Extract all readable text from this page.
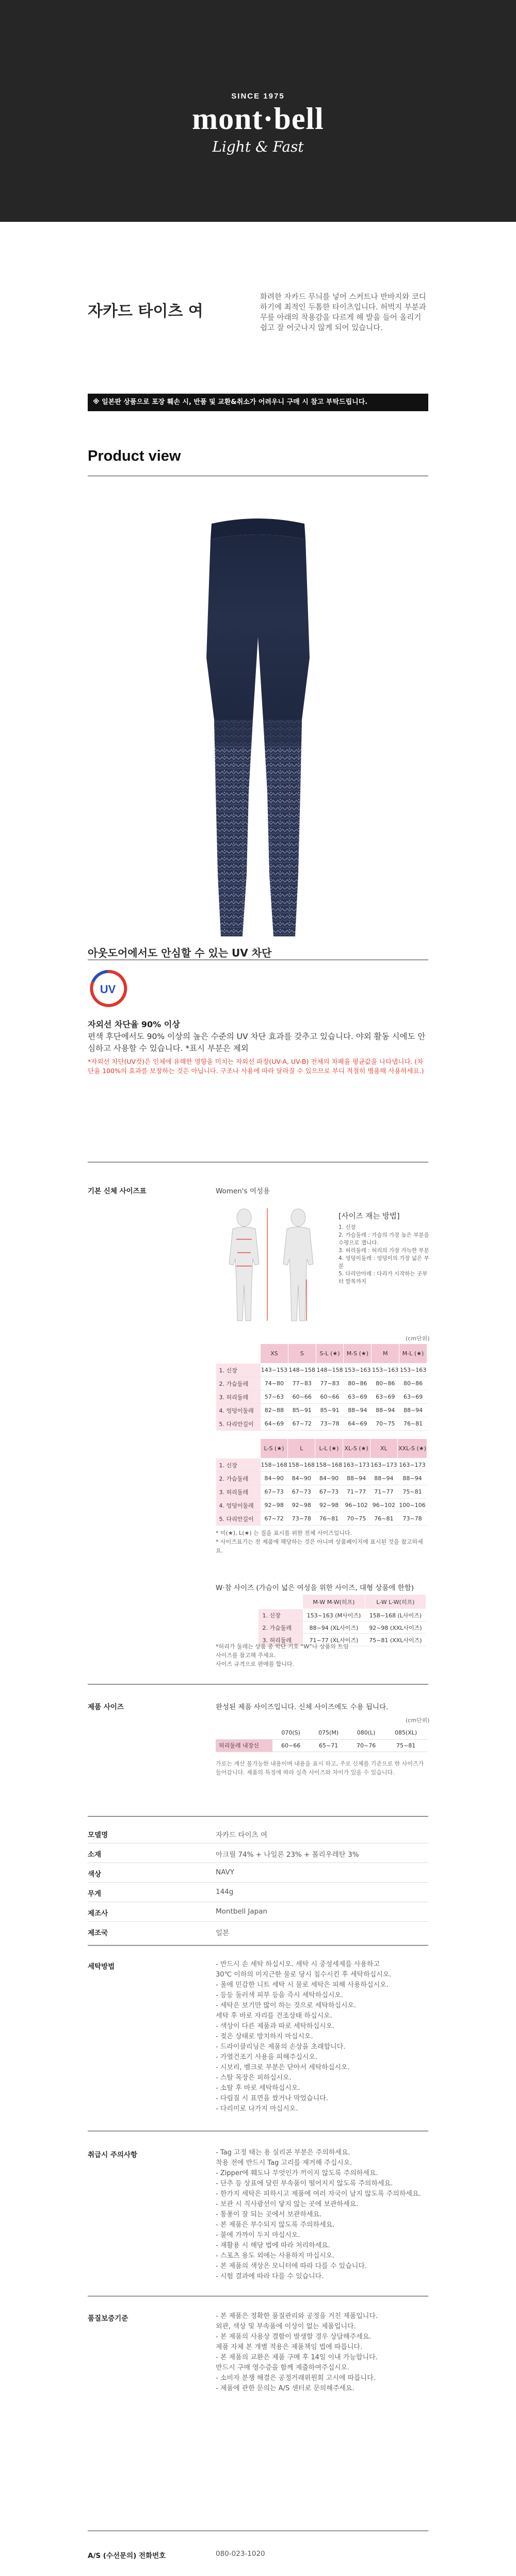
SINCE 1975
mont·bell
Light & Fast
자카드 타이츠 여

화려한 자카드 무늬를 넣어 스커트나 반바지와 코디하기에 최적인 두톰한 타이츠입니다. 허벅지 부분과 무릎 아래의 착용감을 다르게 해 발을 들어 올리기 쉽고 잘 어긋나지 않게 되어 있습니다.

※ 일본판 상품으로 포장 훼손 시, 반품 및 교환&취소가 어려우니 구매 시 참고 부탁드립니다.
Product view
아웃도어에서도 안심할 수 있는 UV 차단
UV
자외선 차단율 90% 이상
편색 후단에서도 90% 이상의 높은 수준의 UV 차단 효과를 갖추고 있습니다. 야외 활동 시에도 안심하고 사용할 수 있습니다. *표시 부분은 제외
*자외선 차단(UV컷)은 인체에 유해한 영향을 미치는 자외선 파장(UV-A, UV-B) 전체의 차폐율 평균값을 나타냅니다. (차단율 100%의 효과를 보장하는 것은 아닙니다. 구조나 사용에 따라 달라질 수 있으므로 부디 적절히 병용해 사용하세요.)
기본 신체 사이즈표	Women's 여성용
[사이즈 재는 방법]
1. 신장
2. 가슴둘레 : 가슴의 가장 높은 부분을 수평으로 잽니다.
3. 허리둘레 : 허리의 가장 가늑한 부분
4. 엉덩이둘레 : 엉덩이의 가장 넓은 부분
5. 다리안아래 : 다리가 시작하는 곳부터 발목까지
(cm단위)
	XS	S	S-L (★)	M-S (★)	M	M-L (★)
1. 신장	143~153	148~158	148~158	153~163	153~163	153~163
2. 가슴둘레	74~80	77~83	77~83	80~86	80~86	80~86
3. 허리둘레	57~63	60~66	60~66	63~69	63~69	63~69
4. 엉덩이둘레	82~88	85~91	85~91	88~94	88~94	88~94
5. 다리안길이	64~69	67~72	73~78	64~69	70~75	76~81
	L-S (★)	L	L-L (★)	XL-S (★)	XL	XXL-S (★)
1. 신장	158~168	158~168	158~168	163~173	163~173	163~173
2. 가슴둘레	84~90	84~90	84~90	88~94	88~94	88~94
3. 허리둘레	67~73	67~73	67~73	71~77	71~77	75~81
4. 엉덩이둘레	92~98	92~98	92~98	96~102	96~102	100~106
5. 다리안길이	67~72	73~78	76~81	70~75	76~81	73~78
* 미(★), L(★) 는 질을 표시를 위한 전체 사이즈입니다.
* 사이즈표기는 전 제품에 해당하는 것은 아니며 상품페이지에 표시된 것을 참고하세요.
W·참 사이즈 (가슴이 넓은 여성을 위한 사이즈, 대형 상품에 한함)
	M-W M-W(히프)	L-W L-W(히프)
1. 신장	153~163 (M사이즈)	158~168 (L사이즈)
2. 가슴둘레	88~94 (XL사이즈)	92~98 (XXL사이즈)
3. 허리둘레	71~77 (XL사이즈)	75~81 (XXL사이즈)
*허리가 둘레는 상품 중 학단 기호 “W”나 상품의 트임사이즈를 참고해 주세요.
사이즈 규격으로 판매를 합니다.
제품 사이즈	완성된 제품 사이즈입니다. 신체 사이즈에도 수용 됩니다.
(cm단위)
	070(S)	075(M)	080(L)	085(XL)
허리둘레 내장신	60~66	65~71	70~76	75~81
가로는 계산 불가능한 내용이며 내용을 표시 하고, 주로 신체를 기준으로 한 사이즈가 들어갑니다. 제품의 특징에 따라 실측 사이즈와 차이가 있을 수 있습니다.
모델명	자카드 타이츠 여
소재	아크릴 74% + 나일론 23% + 폴리우레탄 3%
색상	NAVY
무게	144g
제조사	Montbell Japan
제조국	일본
세탁방법	- 반드시 손 세탁 하십시오. 세탁 시 중성세제를 사용하고
30℃ 이하의 미지근한 물로 당시 침수시킨 후 세탁하십시오.
- 울에 민감한 니트 세탁 시 물로 세탁은 피해 사용하십시오.
- 등등 둘러색 피부 등을 즉시 세탁하십시오.
- 세탁은 보기만 많이 하는 것으로 세탁하십시오.
세탁 후 바로 자리를 건조상태 하십시오.
- 색상이 다른 제품과 따로 세탁하십시오.
- 젖은 상태로 방치하지 마십시오.
- 드라이클리닝은 제품의 손상을 초래합니다.
- 가열건조기 사용을 피해주십시오.
- 시보리, 벨크로 부분은 닫아서 세탁하십시오.
- 스탈 목장은 피하십시오.
- 소탈 후 바로 세탁하십시오.
- 다림질 시 표면을 쌌거나 막었습니다.
- 다리미로 나가지 마십시오.
취급시 주의사항	- Tag 고정 태는 용 실리콘 부분은 주의하세요.
착용 전에 반드시 Tag 고리를 제거해 주십시오.
- Zipper에 훼도나 무엇인가 끼이지 않도록 주의하세요.
- 단추 등 상표에 달린 부속품이 떨어지지 않도록 주의하세요.
- 한가지 세탁은 피하시고 제품에 여러 자국이 남지 않도록 주의하세요.
- 보관 시 직사광선이 닿지 않는 곳에 보관하세요.
- 통풍이 잘 되는 곳에서 보관하세요.
- 본 제품은 부수되지 않도록 주의하세요.
- 불에 가까이 두지 마십시오.
- 재활용 시 해당 법에 따라 처리하세요.
- 스포츠 용도 외에는 사용하지 마십시오.
- 본 제품의 색상은 모니터에 따라 다를 수 있습니다.
- 시험 결과에 따라 다를 수 있습니다.
품질보증기준	- 본 제품은 정확한 품질관리와 공정을 거친 제품입니다.
외관, 색상 및 부속품에 이상이 없는 제품입니다.
- 본 제품의 사용상 결함이 발생할 경우 상담해주세요.
제품 자체 본 개별 적용은 제품책임 법에 따릅니다.
- 본 제품의 교환은 제품 구매 후 14일 이내 가능합니다.
반드시 구매 영수증을 함께 제출하여주십시오.
- 소비자 분쟁 해결은 공정거래위원회 고시에 따릅니다.
- 제품에 관한 문의는 A/S 센터로 문의해주세요.
A/S (수선문의) 전화번호	080-023-1020
